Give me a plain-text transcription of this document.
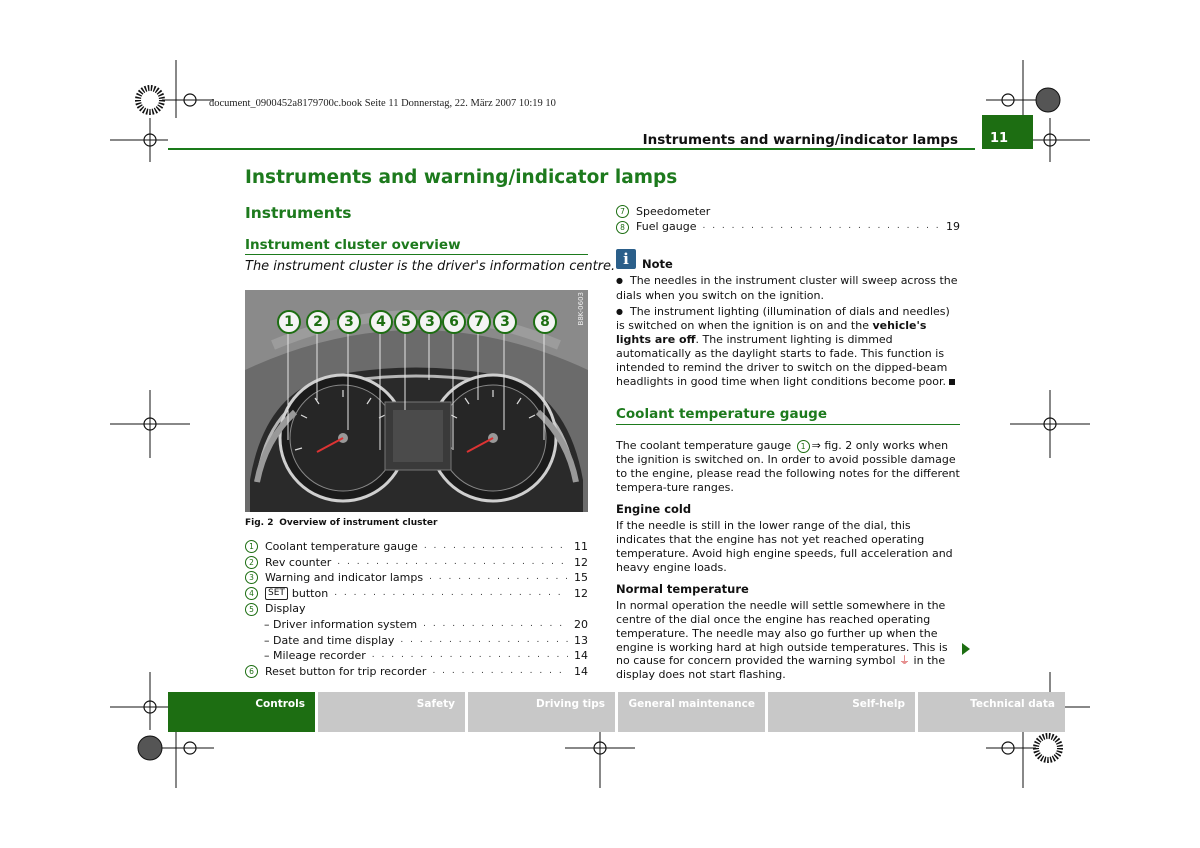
document_0900452a8179700c.book Seite 11 Donnerstag, 22. März 2007 10:19 10
Instruments and warning/indicator lamps	11
Instruments and warning/indicator lamps
Instruments
Instrument cluster overview
The instrument cluster is the driver's information centre.
1	2	3	4	5	3	6	7	3	8	B8K-0603
Fig. 2 Overview of instrument cluster
1	Coolant temperature gauge . . .	11
2	Rev counter . . .	12
3	Warning and indicator lamps . . .	15
4	SET button . . .	12
5	Display
– Driver information system . . .	20
– Date and time display . . .	13
– Mileage recorder . . .	14
6	Reset button for trip recorder . . .	14
7	Speedometer
8	Fuel gauge . . .	19
i	Note

● The needles in the instrument cluster will sweep across the dials when you switch on the ignition.

● The instrument lighting (illumination of dials and needles) is switched on when the ignition is on and the vehicle's lights are off. The instrument lighting is dimmed automatically as the daylight starts to fade. This function is intended to remind the driver to switch on the dipped-beam headlights in good time when light conditions become poor.

Coolant temperature gauge

The coolant temperature gauge 1 ⇒ fig. 2 only works when the ignition is switched on. In order to avoid possible damage to the engine, please read the following notes for the different tempera-ture ranges.

Engine cold

If the needle is still in the lower range of the dial, this indicates that the engine has not yet reached operating temperature. Avoid high engine speeds, full acceleration and heavy engine loads.

Normal temperature

In normal operation the needle will settle somewhere in the centre of the dial once the engine has reached operating temperature. The needle may also go further up when the engine is working hard at high outside temperatures. This is no cause for concern provided the warning symbol ⏚ in the display does not start flashing.

Controls	Safety	Driving tips	General maintenance	Self-help	Technical data
